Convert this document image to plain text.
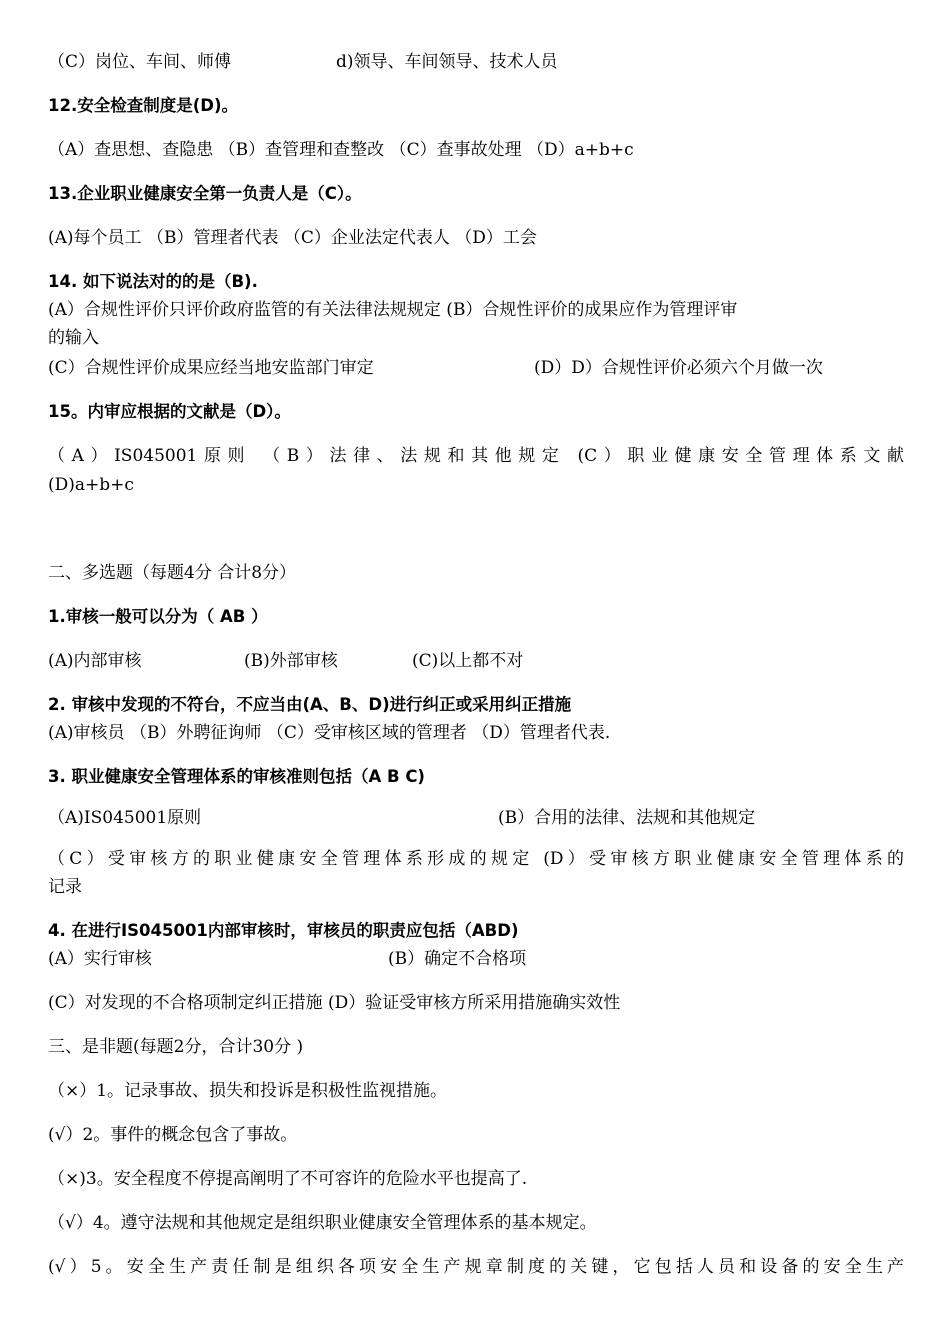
（C）岗位、车间、师傅	d)领导、车间领导、技术人员
12.安全检查制度是(D)。
（A）查思想、查隐患 （B）查管理和查整改 （C）查事故处理 （D）a+b+c
13.企业职业健康安全第一负责人是（C）。
(A)每个员工 （B）管理者代表 （C）企业法定代表人 （D）工会
14. 如下说法对的的是（B).
(A）合规性评价只评价政府监管的有关法律法规规定 (B）合规性评价的成果应作为管理评审
的输入
(C）合规性评价成果应经当地安监部门审定	(D）D）合规性评价必须六个月做一次
15。内审应根据的文献是（D）。
（A）IS045001原则 （B）法律、法规和其他规定 (C）职业健康安全管理体系文献
(D)a+b+c
二、多选题（每题4分 合计8分）
1.审核一般可以分为（ AB ）
(A)内部审核	(B)外部审核	(C)以上都不对
2. 审核中发现的不符台，不应当由(A、B、D)进行纠正或采用纠正措施
(A)审核员 （B）外聘征询师 （C）受审核区域的管理者 （D）管理者代表.
3. 职业健康安全管理体系的审核准则包括（A B C)
（A)IS045001原则	(B）合用的法律、法规和其他规定
（C）受审核方的职业健康安全管理体系形成的规定 (D）受审核方职业健康安全管理体系的
记录
4. 在进行IS045001内部审核时，审核员的职责应包括（ABD)
(A）实行审核	(B）确定不合格项
(C）对发现的不合格项制定纠正措施 (D）验证受审核方所采用措施确实效性
三、是非题(每题2分，合计30分 )
（×）1。记录事故、损失和投诉是积极性监视措施。
(√）2。事件的概念包含了事故。
（×)3。安全程度不停提高阐明了不可容许的危险水平也提高了.
（√）4。遵守法规和其他规定是组织职业健康安全管理体系的基本规定。
(√）5。安全生产责任制是组织各项安全生产规章制度的关键，它包括人员和设备的安全生产
